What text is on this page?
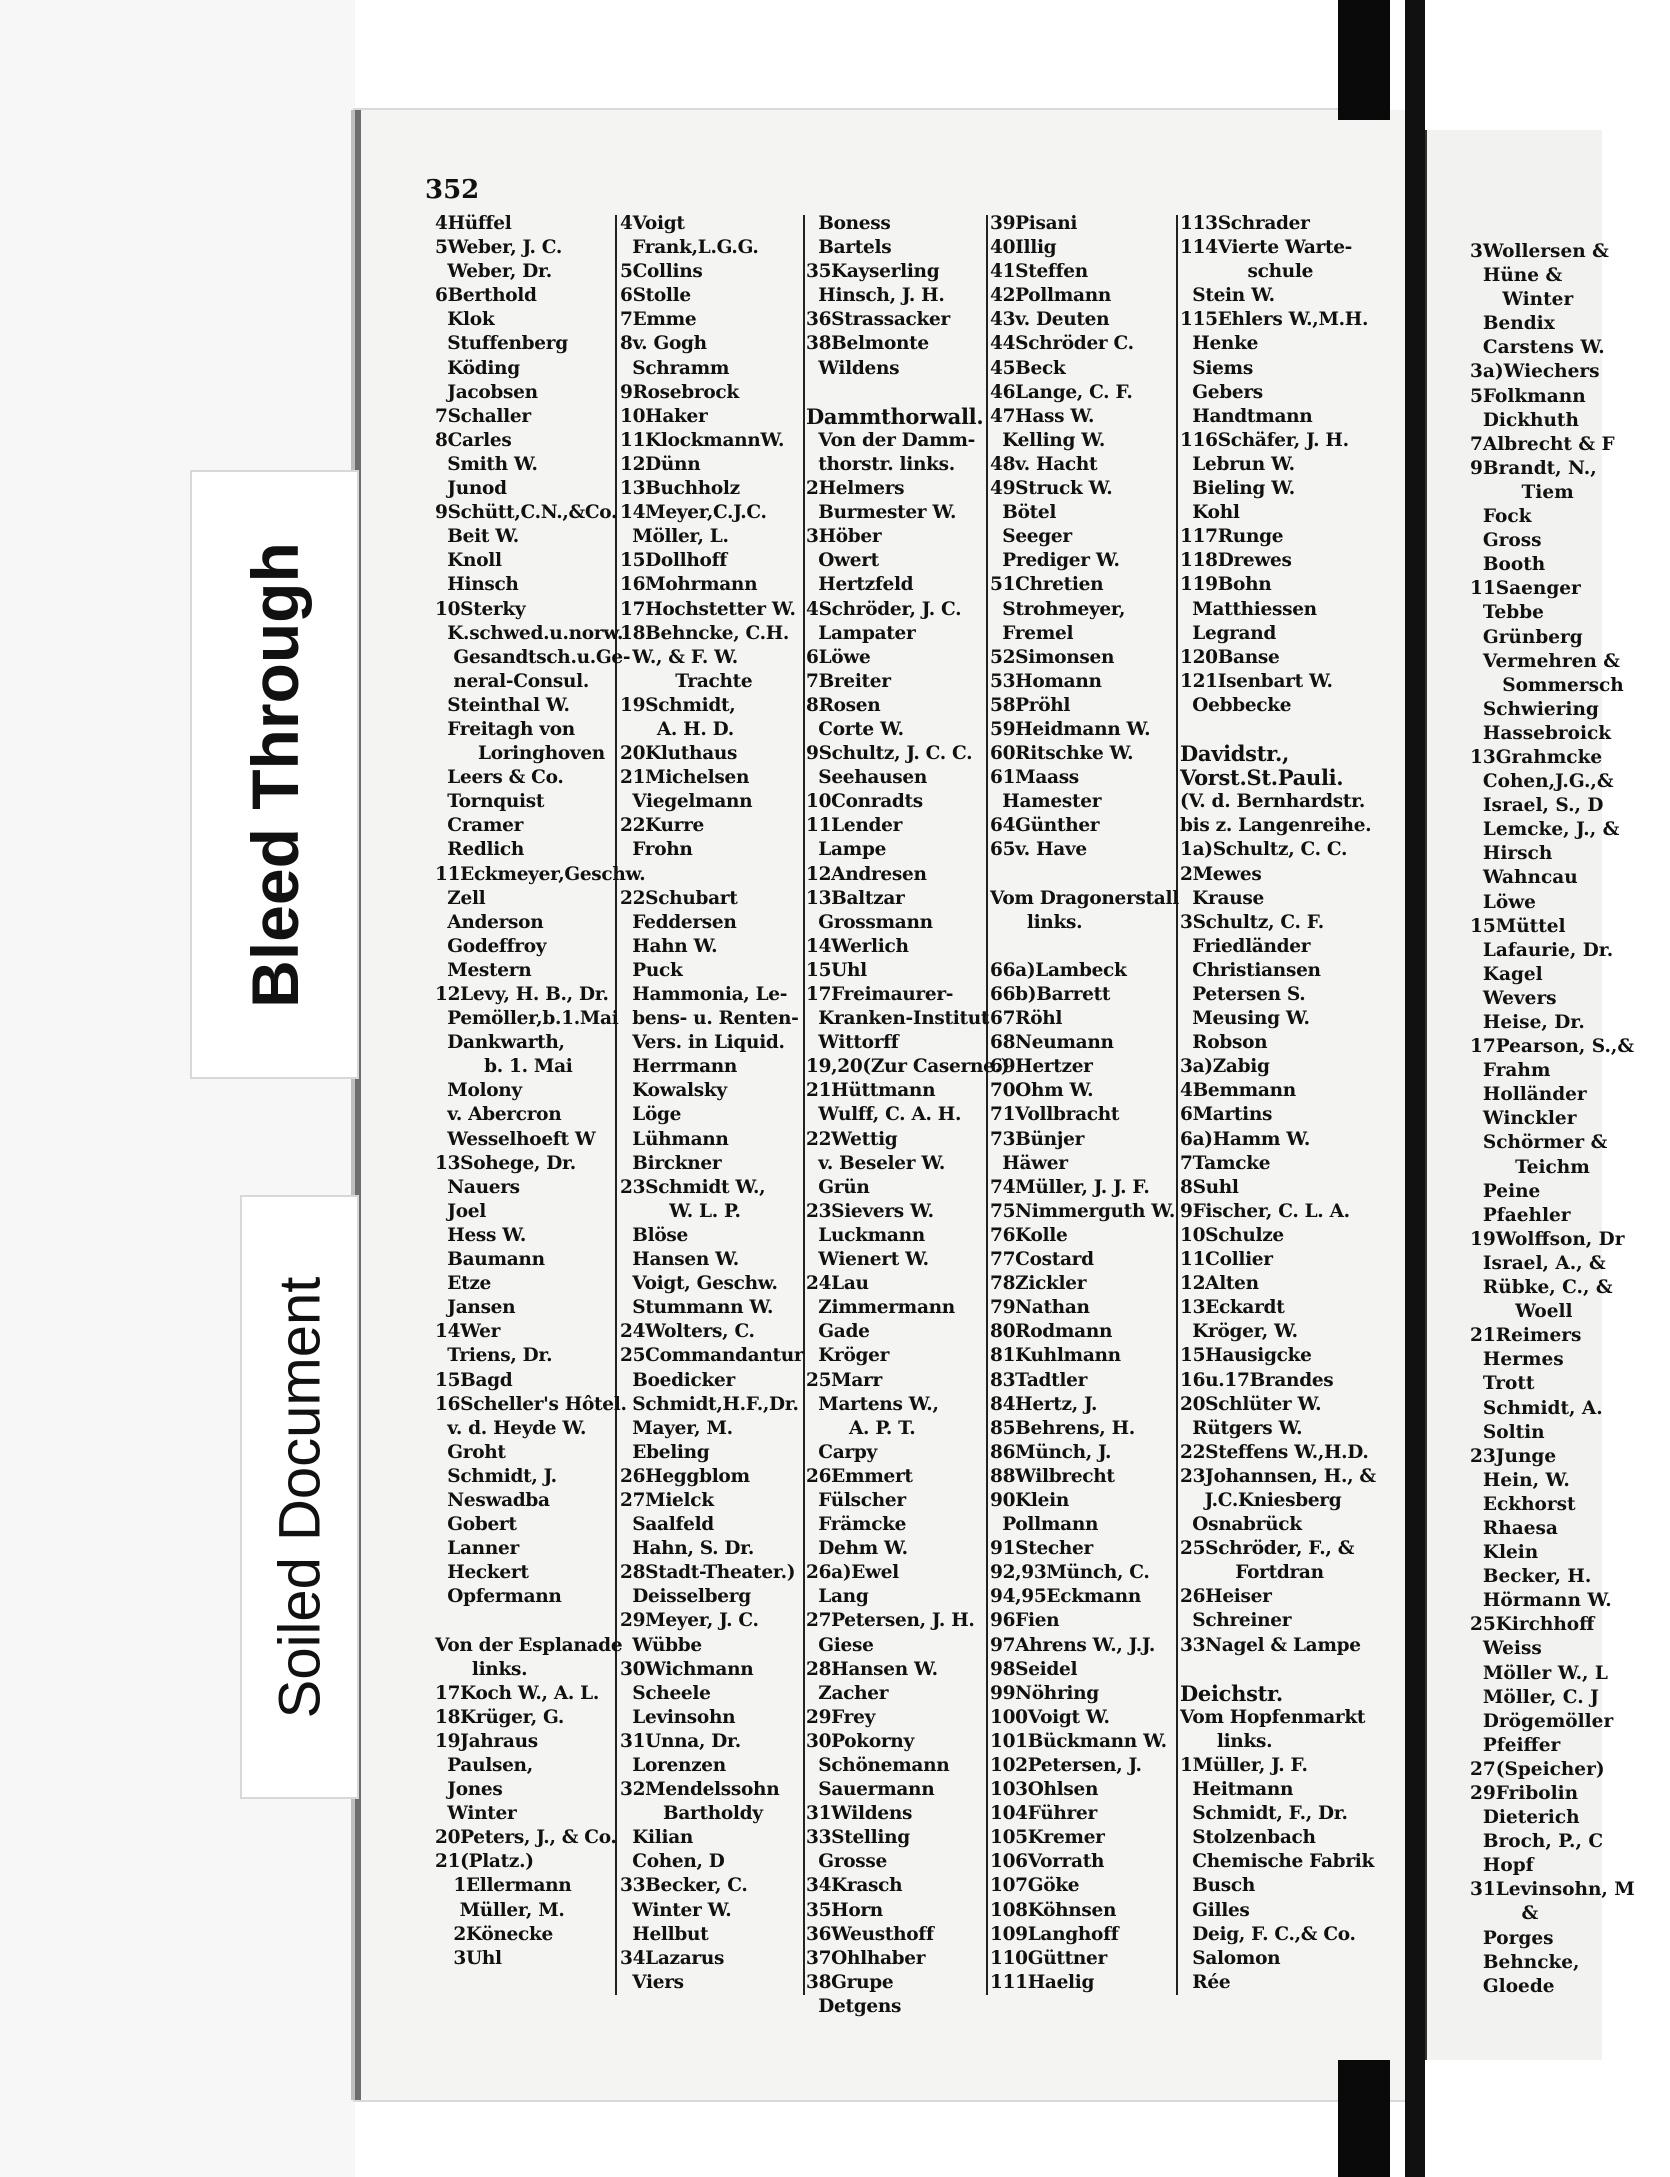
352
4Hüffel
5Weber, J. C.
Weber, Dr.
6Berthold
Klok
Stuffenberg
Köding
Jacobsen
7Schaller
8Carles
Smith W.
Junod
9Schütt,C.N.,&Co.
Beit W.
Knoll
Hinsch
10Sterky
K.schwed.u.norw.
Gesandtsch.u.Ge-
neral-Consul.
Steinthal W.
Freitagh von
Loringhoven
Leers & Co.
Tornquist
Cramer
Redlich
11Eckmeyer,Geschw.
Zell
Anderson
Godeffroy
Mestern
12Levy, H. B., Dr.
Pemöller,b.1.Mai
Dankwarth,
b. 1. Mai
Molony
v. Abercron
Wesselhoeft W
13Sohege, Dr.
Nauers
Joel
Hess W.
Baumann
Etze
Jansen
14Wer
Triens, Dr.
15Bagd
16Scheller's Hôtel.
v. d. Heyde W.
Groht
Schmidt, J.
Neswadba
Gobert
Lanner
Heckert
Opfermann
Von der Esplanade
links.
17Koch W., A. L.
18Krüger, G.
19Jahraus
Paulsen,
Jones
Winter
20Peters, J., & Co.
21(Platz.)
1Ellermann
Müller, M.
2Könecke
3Uhl
4Voigt
Frank,L.G.G.
5Collins
6Stolle
7Emme
8v. Gogh
Schramm
9Rosebrock
10Haker
11KlockmannW.
12Dünn
13Buchholz
14Meyer,C.J.C.
Möller, L.
15Dollhoff
16Mohrmann
17Hochstetter W.
18Behncke, C.H.
W., & F. W.
Trachte
19Schmidt,
A. H. D.
20Kluthaus
21Michelsen
Viegelmann
22Kurre
Frohn
22Schubart
Feddersen
Hahn W.
Puck
Hammonia, Le-
bens- u. Renten-
Vers. in Liquid.
Herrmann
Kowalsky
Löge
Lühmann
Birckner
23Schmidt W.,
W. L. P.
Blöse
Hansen W.
Voigt, Geschw.
Stummann W.
24Wolters, C.
25Commandantur
Boedicker
Schmidt,H.F.,Dr.
Mayer, M.
Ebeling
26Heggblom
27Mielck
Saalfeld
Hahn, S. Dr.
28Stadt-Theater.)
Deisselberg
29Meyer, J. C.
Wübbe
30Wichmann
Scheele
Levinsohn
31Unna, Dr.
Lorenzen
32Mendelssohn
Bartholdy
Kilian
Cohen, D
33Becker, C.
Winter W.
Hellbut
34Lazarus
Viers
Boness
Bartels
35Kayserling
Hinsch, J. H.
36Strassacker
38Belmonte
Wildens
Dammthorwall.
Von der Damm-
thorstr. links.
2Helmers
Burmester W.
3Höber
Owert
Hertzfeld
4Schröder, J. C.
Lampater
6Löwe
7Breiter
8Rosen
Corte W.
9Schultz, J. C. C.
Seehausen
10Conradts
11Lender
Lampe
12Andresen
13Baltzar
Grossmann
14Werlich
15Uhl
17Freimaurer-
Kranken-Institut
Wittorff
19,20(Zur Caserne.)
21Hüttmann
Wulff, C. A. H.
22Wettig
v. Beseler W.
Grün
23Sievers W.
Luckmann
Wienert W.
24Lau
Zimmermann
Gade
Kröger
25Marr
Martens W.,
A. P. T.
Carpy
26Emmert
Fülscher
Främcke
Dehm W.
26a)Ewel
Lang
27Petersen, J. H.
Giese
28Hansen W.
Zacher
29Frey
30Pokorny
Schönemann
Sauermann
31Wildens
33Stelling
Grosse
34Krasch
35Horn
36Weusthoff
37Ohlhaber
38Grupe
Detgens
39Pisani
40Illig
41Steffen
42Pollmann
43v. Deuten
44Schröder C.
45Beck
46Lange, C. F.
47Hass W.
Kelling W.
48v. Hacht
49Struck W.
Bötel
Seeger
Prediger W.
51Chretien
Strohmeyer,
Fremel
52Simonsen
53Homann
58Pröhl
59Heidmann W.
60Ritschke W.
61Maass
Hamester
64Günther
65v. Have
Vom Dragonerstall
links.
66a)Lambeck
66b)Barrett
67Röhl
68Neumann
69Hertzer
70Ohm W.
71Vollbracht
73Bünjer
Häwer
74Müller, J. J. F.
75Nimmerguth W.
76Kolle
77Costard
78Zickler
79Nathan
80Rodmann
81Kuhlmann
83Tadtler
84Hertz, J.
85Behrens, H.
86Münch, J.
88Wilbrecht
90Klein
Pollmann
91Stecher
92,93Münch, C.
94,95Eckmann
96Fien
97Ahrens W., J.J.
98Seidel
99Nöhring
100Voigt W.
101Bückmann W.
102Petersen, J.
103Ohlsen
104Führer
105Kremer
106Vorrath
107Göke
108Köhnsen
109Langhoff
110Güttner
111Haelig
113Schrader
114Vierte Warte-
schule
Stein W.
115Ehlers W.,M.H.
Henke
Siems
Gebers
Handtmann
116Schäfer, J. H.
Lebrun W.
Bieling W.
Kohl
117Runge
118Drewes
119Bohn
Matthiessen
Legrand
120Banse
121Isenbart W.
Oebbecke
Davidstr.,
Vorst.St.Pauli.
(V. d. Bernhardstr.
bis z. Langenreihe.
1a)Schultz, C. C.
2Mewes
Krause
3Schultz, C. F.
Friedländer
Christiansen
Petersen S.
Meusing W.
Robson
3a)Zabig
4Bemmann
6Martins
6a)Hamm W.
7Tamcke
8Suhl
9Fischer, C. L. A.
10Schulze
11Collier
12Alten
13Eckardt
Kröger, W.
15Hausigcke
16u.17Brandes
20Schlüter W.
Rütgers W.
22Steffens W.,H.D.
23Johannsen, H., &
J.C.Kniesberg
Osnabrück
25Schröder, F., &
Fortdran
26Heiser
Schreiner
33Nagel & Lampe
Deichstr.
Vom Hopfenmarkt
links.
1Müller, J. F.
Heitmann
Schmidt, F., Dr.
Stolzenbach
Chemische Fabrik
Busch
Gilles
Deig, F. C.,& Co.
Salomon
Rée
3Wollersen &
Hüne &
Winter
Bendix
Carstens W.
3a)Wiechers
5Folkmann
Dickhuth
7Albrecht & F
9Brandt, N.,
Tiem
Fock
Gross
Booth
11Saenger
Tebbe
Grünberg
Vermehren &
Sommersch
Schwiering
Hassebroick
13Grahmcke
Cohen,J.G.,&
Israel, S., D
Lemcke, J., &
Hirsch
Wahncau
Löwe
15Müttel
Lafaurie, Dr.
Kagel
Wevers
Heise, Dr.
17Pearson, S.,&
Frahm
Holländer
Winckler
Schörmer &
Teichm
Peine
Pfaehler
19Wolffson, Dr
Israel, A., &
Rübke, C., &
Woell
21Reimers
Hermes
Trott
Schmidt, A.
Soltin
23Junge
Hein, W.
Eckhorst
Rhaesa
Klein
Becker, H.
Hörmann W.
25Kirchhoff
Weiss
Möller W., L
Möller, C. J
Drögemöller
Pfeiffer
27(Speicher)
29Fribolin
Dieterich
Broch, P., C
Hopf
31Levinsohn, M
&
Porges
Behncke,
Gloede
Bleed Through
Soiled Document
